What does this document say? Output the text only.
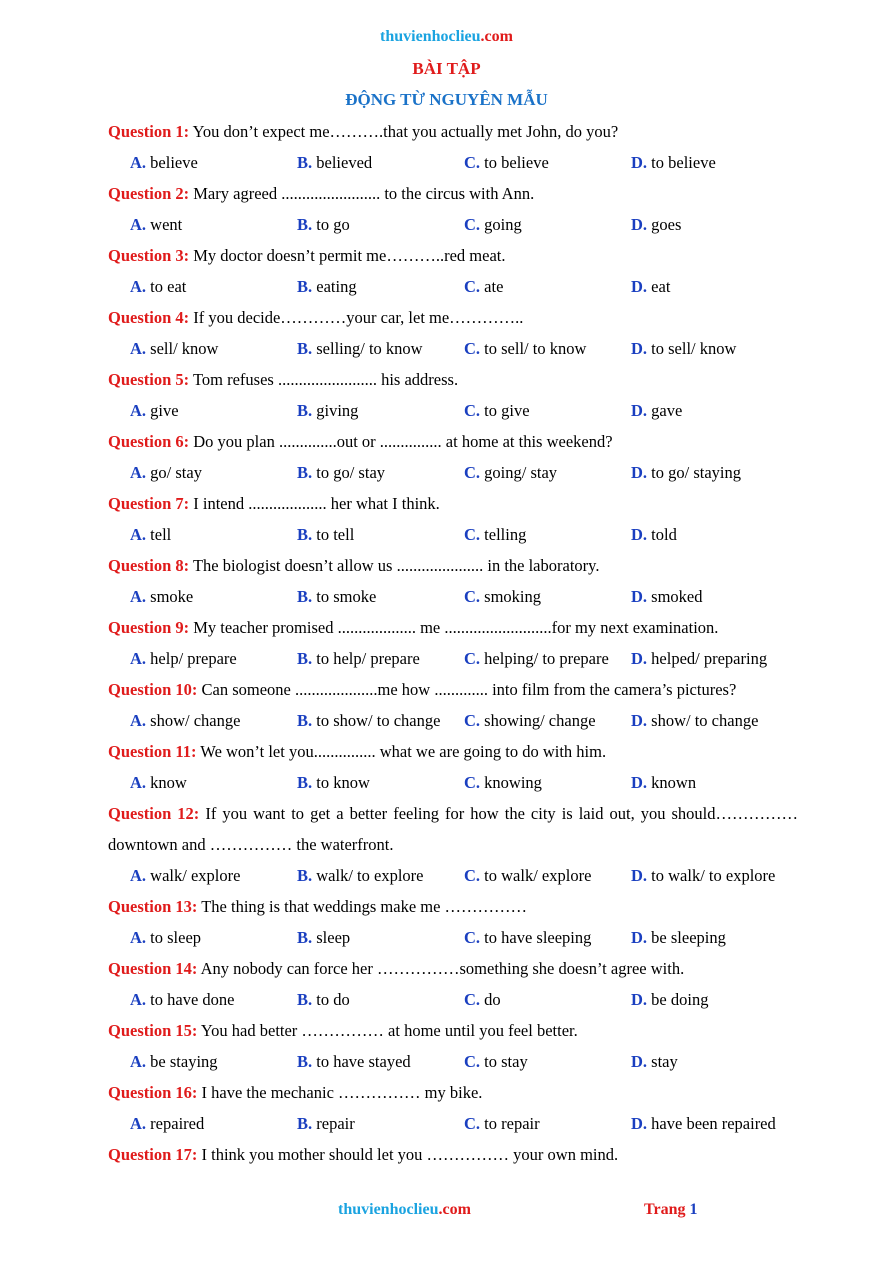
thuvienhoclieu.com
BÀI TẬP
ĐỘNG TỪ NGUYÊN MẪU
Question 1: You don’t expect me……….that you actually met John, do you?
A. believe	B. believed	C. to believe	D. to believe
Question 2: Mary agreed ........................ to the circus with Ann.
A. went	B. to go	C. going	D. goes
Question 3: My doctor doesn’t permit me………..red meat.
A. to eat	B. eating	C. ate	D. eat
Question 4: If you decide…………your car, let me…………..
A. sell/ know	B. selling/ to know	C. to sell/ to know	D. to sell/ know
Question 5: Tom refuses ........................ his address.
A. give	B. giving	C. to give	D. gave
Question 6: Do you plan ..............out or ............... at home at this weekend?
A. go/ stay	B. to go/ stay	C. going/ stay	D. to go/ staying
Question 7: I intend ................... her what I think.
A. tell	B. to tell	C. telling	D. told
Question 8: The biologist doesn’t allow us ..................... in the laboratory.
A. smoke	B. to smoke	C. smoking	D. smoked
Question 9: My teacher promised ................... me ..........................for my next examination.
A. help/ prepare	B. to help/ prepare	C. helping/ to prepare	D. helped/ preparing
Question 10: Can someone ....................me how ............. into film from the camera’s pictures?
A. show/ change	B. to show/ to change	C. showing/ change	D. show/ to change
Question 11: We won’t let you............... what we are going to do with him.
A. know	B. to know	C. knowing	D. known
Question 12: If you want to get a better feeling for how the city is laid out, you should…………… downtown and …………… the waterfront.
A. walk/ explore	B. walk/ to explore	C. to walk/ explore	D. to walk/ to explore
Question 13: The thing is that weddings make me ……………
A. to sleep	B. sleep	C. to have sleeping	D. be sleeping
Question 14: Any nobody can force her ……………something she doesn’t agree with.
A. to have done	B. to do	C. do	D. be doing
Question 15: You had better …………… at home until you feel better.
A. be staying	B. to have stayed	C. to stay	D. stay
Question 16: I have the mechanic …………… my bike.
A. repaired	B. repair	C. to repair	D. have been repaired
Question 17: I think you mother should let you …………… your own mind.
thuvienhoclieu.com	Trang 1
